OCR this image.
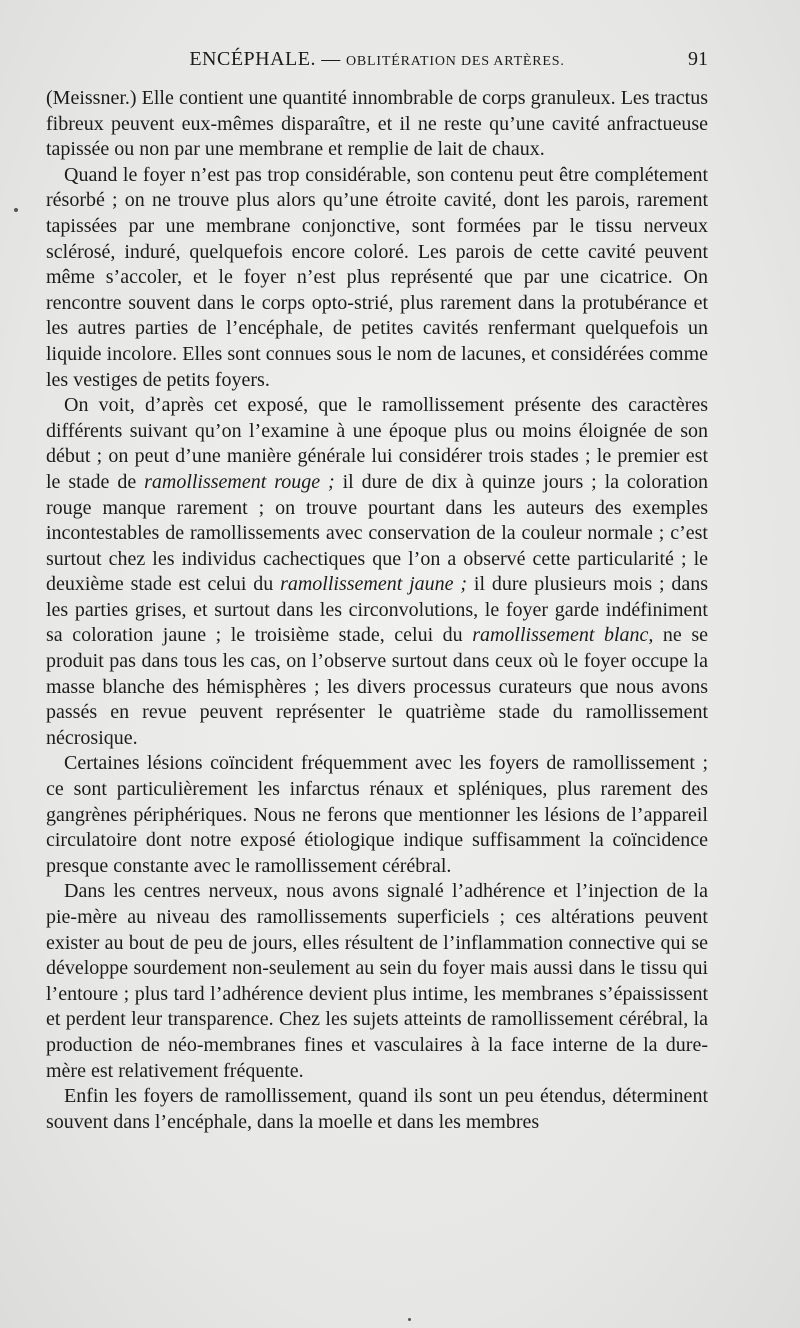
ENCÉPHALE. — OBLITÉRATION DES ARTÈRES.	91

(Meissner.) Elle contient une quantité innombrable de corps granuleux. Les tractus fibreux peuvent eux-mêmes disparaître, et il ne reste qu’une cavité anfractueuse tapissée ou non par une membrane et remplie de lait de chaux.

Quand le foyer n’est pas trop considérable, son contenu peut être complétement résorbé ; on ne trouve plus alors qu’une étroite cavité, dont les parois, rarement tapissées par une membrane conjonctive, sont formées par le tissu nerveux sclérosé, induré, quelquefois encore coloré. Les parois de cette cavité peuvent même s’accoler, et le foyer n’est plus représenté que par une cicatrice. On rencontre souvent dans le corps opto-strié, plus rarement dans la protubérance et les autres parties de l’encéphale, de petites cavités renfermant quelquefois un liquide incolore. Elles sont connues sous le nom de lacunes, et considérées comme les vestiges de petits foyers.

On voit, d’après cet exposé, que le ramollissement présente des caractères différents suivant qu’on l’examine à une époque plus ou moins éloignée de son début ; on peut d’une manière générale lui considérer trois stades ; le premier est le stade de ramollissement rouge ; il dure de dix à quinze jours ; la coloration rouge manque rarement ; on trouve pourtant dans les auteurs des exemples incontestables de ramollissements avec conservation de la couleur normale ; c’est surtout chez les individus cachectiques que l’on a observé cette particularité ; le deuxième stade est celui du ramollissement jaune ; il dure plusieurs mois ; dans les parties grises, et surtout dans les circonvolutions, le foyer garde indéfiniment sa coloration jaune ; le troisième stade, celui du ramollissement blanc, ne se produit pas dans tous les cas, on l’observe surtout dans ceux où le foyer occupe la masse blanche des hémisphères ; les divers processus curateurs que nous avons passés en revue peuvent représenter le quatrième stade du ramollissement nécrosique.

Certaines lésions coïncident fréquemment avec les foyers de ramollissement ; ce sont particulièrement les infarctus rénaux et spléniques, plus rarement des gangrènes périphériques. Nous ne ferons que mentionner les lésions de l’appareil circulatoire dont notre exposé étiologique indique suffisamment la coïncidence presque constante avec le ramollissement cérébral.

Dans les centres nerveux, nous avons signalé l’adhérence et l’injection de la pie-mère au niveau des ramollissements superficiels ; ces altérations peuvent exister au bout de peu de jours, elles résultent de l’inflammation connective qui se développe sourdement non-seulement au sein du foyer mais aussi dans le tissu qui l’entoure ; plus tard l’adhérence devient plus intime, les membranes s’épaississent et perdent leur transparence. Chez les sujets atteints de ramollissement cérébral, la production de néo-membranes fines et vasculaires à la face interne de la dure-mère est relativement fréquente.

Enfin les foyers de ramollissement, quand ils sont un peu étendus, déterminent souvent dans l’encéphale, dans la moelle et dans les membres
